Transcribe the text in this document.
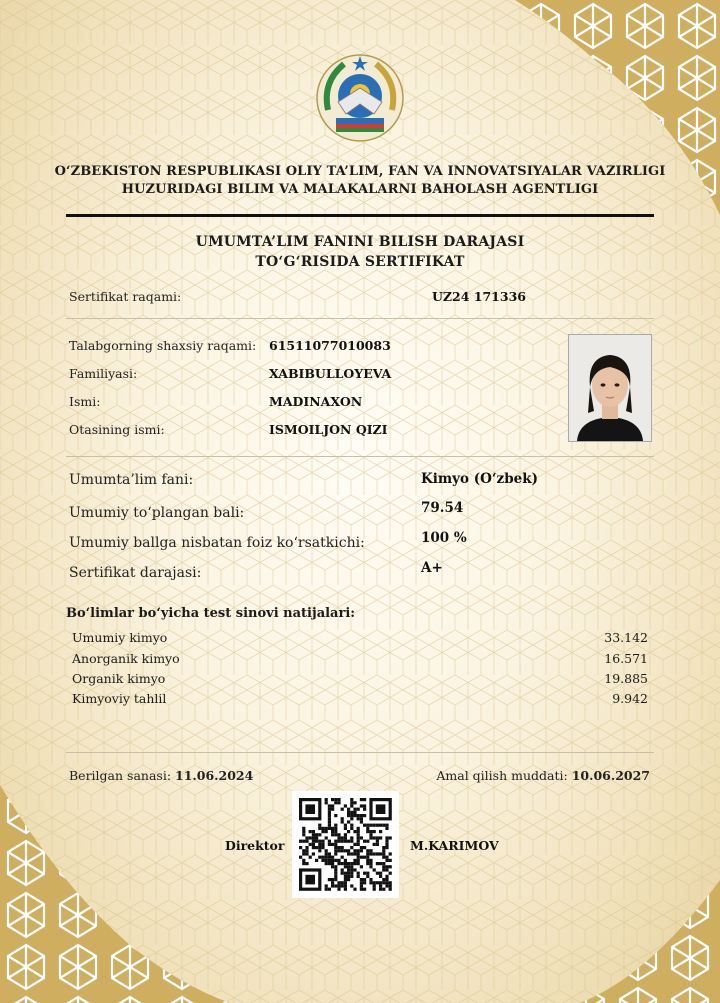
O‘ZBEKISTON RESPUBLIKASI OLIY TA’LIM, FAN VA INNOVATSIYALAR VAZIRLIGI
HUZURIDAGI BILIM VA MALAKALARNI BAHOLASH AGENTLIGI
UMUMTA’LIM FANINI BILISH DARAJASI
TO‘G‘RISIDA SERTIFIKAT
Sertifikat raqami:	UZ24 171336
Talabgorning shaxsiy raqami: 61511077010083
Familiyasi:	XABIBULLOYEVA
Ismi:	MADINAXON
Otasining ismi:	ISMOILJON QIZI
Umumta’lim fani:	Kimyo (O‘zbek)
Umumiy to‘plangan bali:	79.54
Umumiy ballga nisbatan foiz ko‘rsatkichi:	100 %
Sertifikat darajasi:	A+
Bo‘limlar bo‘yicha test sinovi natijalari:
Umumiy kimyo	33.142
Anorganik kimyo	16.571
Organik kimyo	19.885
Kimyoviy tahlil	9.942
Berilgan sanasi: 11.06.2024	Amal qilish muddati: 10.06.2027
Direktor	M.KARIMOV
